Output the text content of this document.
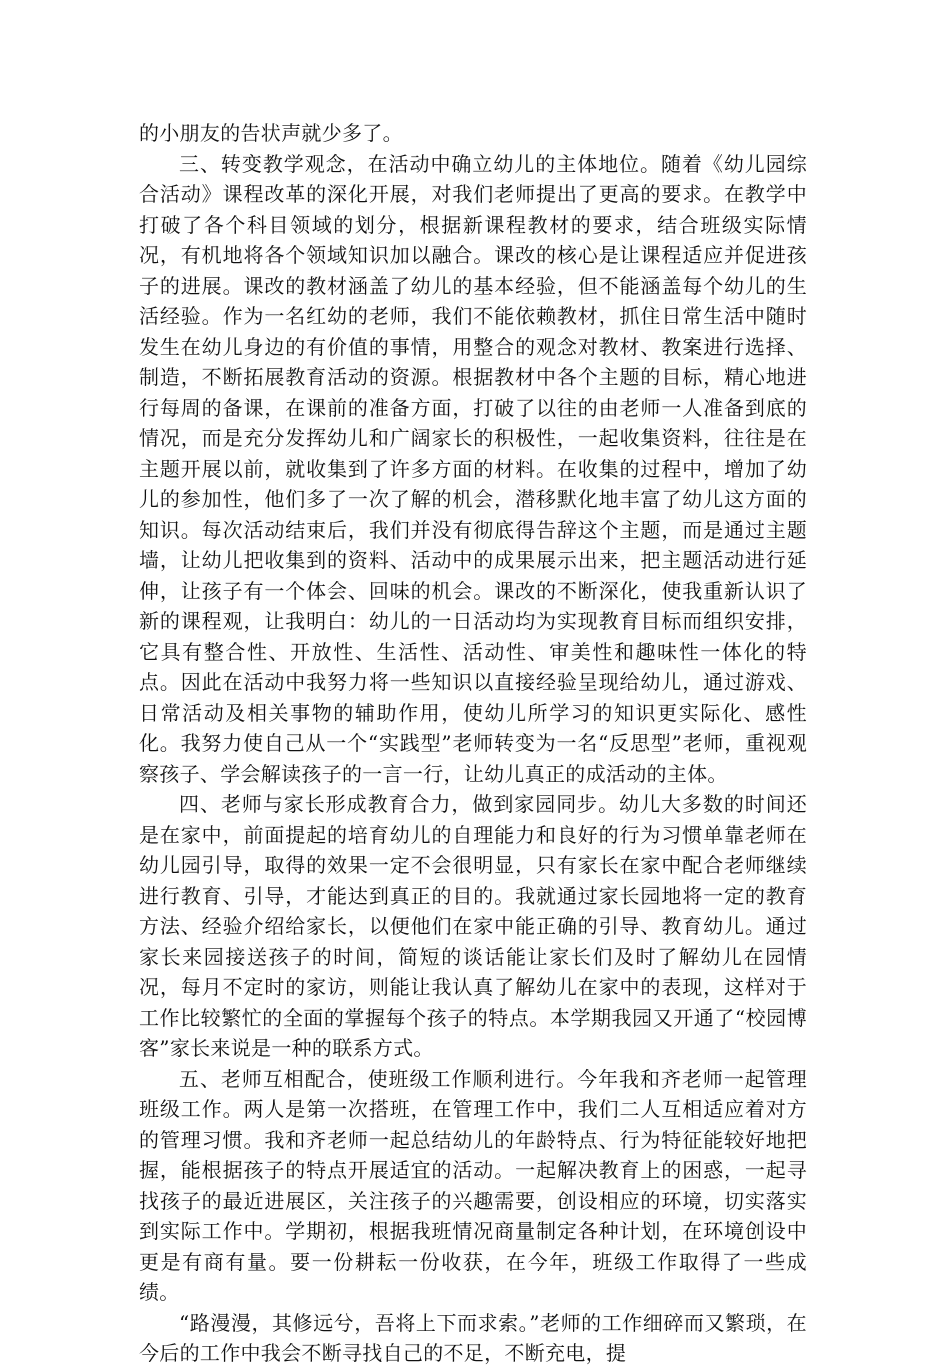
的小朋友的告状声就少多了。

三、转变教学观念，在活动中确立幼儿的主体地位。随着《幼儿园综合活动》课程改革的深化开展，对我们老师提出了更高的要求。在教学中打破了各个科目领域的划分，根据新课程教材的要求，结合班级实际情况，有机地将各个领域知识加以融合。课改的核心是让课程适应并促进孩子的进展。课改的教材涵盖了幼儿的基本经验，但不能涵盖每个幼儿的生活经验。作为一名红幼的老师，我们不能依赖教材，抓住日常生活中随时发生在幼儿身边的有价值的事情，用整合的观念对教材、教案进行选择、制造，不断拓展教育活动的资源。根据教材中各个主题的目标，精心地进行每周的备课，在课前的准备方面，打破了以往的由老师一人准备到底的情况，而是充分发挥幼儿和广阔家长的积极性，一起收集资料，往往是在主题开展以前，就收集到了许多方面的材料。在收集的过程中，增加了幼儿的参加性，他们多了一次了解的机会，潜移默化地丰富了幼儿这方面的知识。每次活动结束后，我们并没有彻底得告辞这个主题，而是通过主题墙，让幼儿把收集到的资料、活动中的成果展示出来，把主题活动进行延伸，让孩子有一个体会、回味的机会。课改的不断深化，使我重新认识了新的课程观，让我明白：幼儿的一日活动均为实现教育目标而组织安排，它具有整合性、开放性、生活性、活动性、审美性和趣味性一体化的特点。因此在活动中我努力将一些知识以直接经验呈现给幼儿，通过游戏、日常活动及相关事物的辅助作用，使幼儿所学习的知识更实际化、感性化。我努力使自己从一个“实践型”老师转变为一名“反思型”老师，重视观察孩子、学会解读孩子的一言一行，让幼儿真正的成活动的主体。

四、老师与家长形成教育合力，做到家园同步。幼儿大多数的时间还是在家中，前面提起的培育幼儿的自理能力和良好的行为习惯单靠老师在幼儿园引导，取得的效果一定不会很明显，只有家长在家中配合老师继续进行教育、引导，才能达到真正的目的。我就通过家长园地将一定的教育方法、经验介绍给家长，以便他们在家中能正确的引导、教育幼儿。通过家长来园接送孩子的时间，简短的谈话能让家长们及时了解幼儿在园情况，每月不定时的家访，则能让我认真了解幼儿在家中的表现，这样对于工作比较繁忙的全面的掌握每个孩子的特点。本学期我园又开通了“校园博客”家长来说是一种的联系方式。

五、老师互相配合，使班级工作顺利进行。今年我和齐老师一起管理班级工作。两人是第一次搭班，在管理工作中，我们二人互相适应着对方的管理习惯。我和齐老师一起总结幼儿的年龄特点、行为特征能较好地把握，能根据孩子的特点开展适宜的活动。一起解决教育上的困惑，一起寻找孩子的最近进展区，关注孩子的兴趣需要，创设相应的环境，切实落实到实际工作中。学期初，根据我班情况商量制定各种计划，在环境创设中更是有商有量。要一份耕耘一份收获，在今年，班级工作取得了一些成绩。

“路漫漫，其修远兮，吾将上下而求索。”老师的工作细碎而又繁琐，在今后的工作中我会不断寻找自己的不足，不断充电，提
